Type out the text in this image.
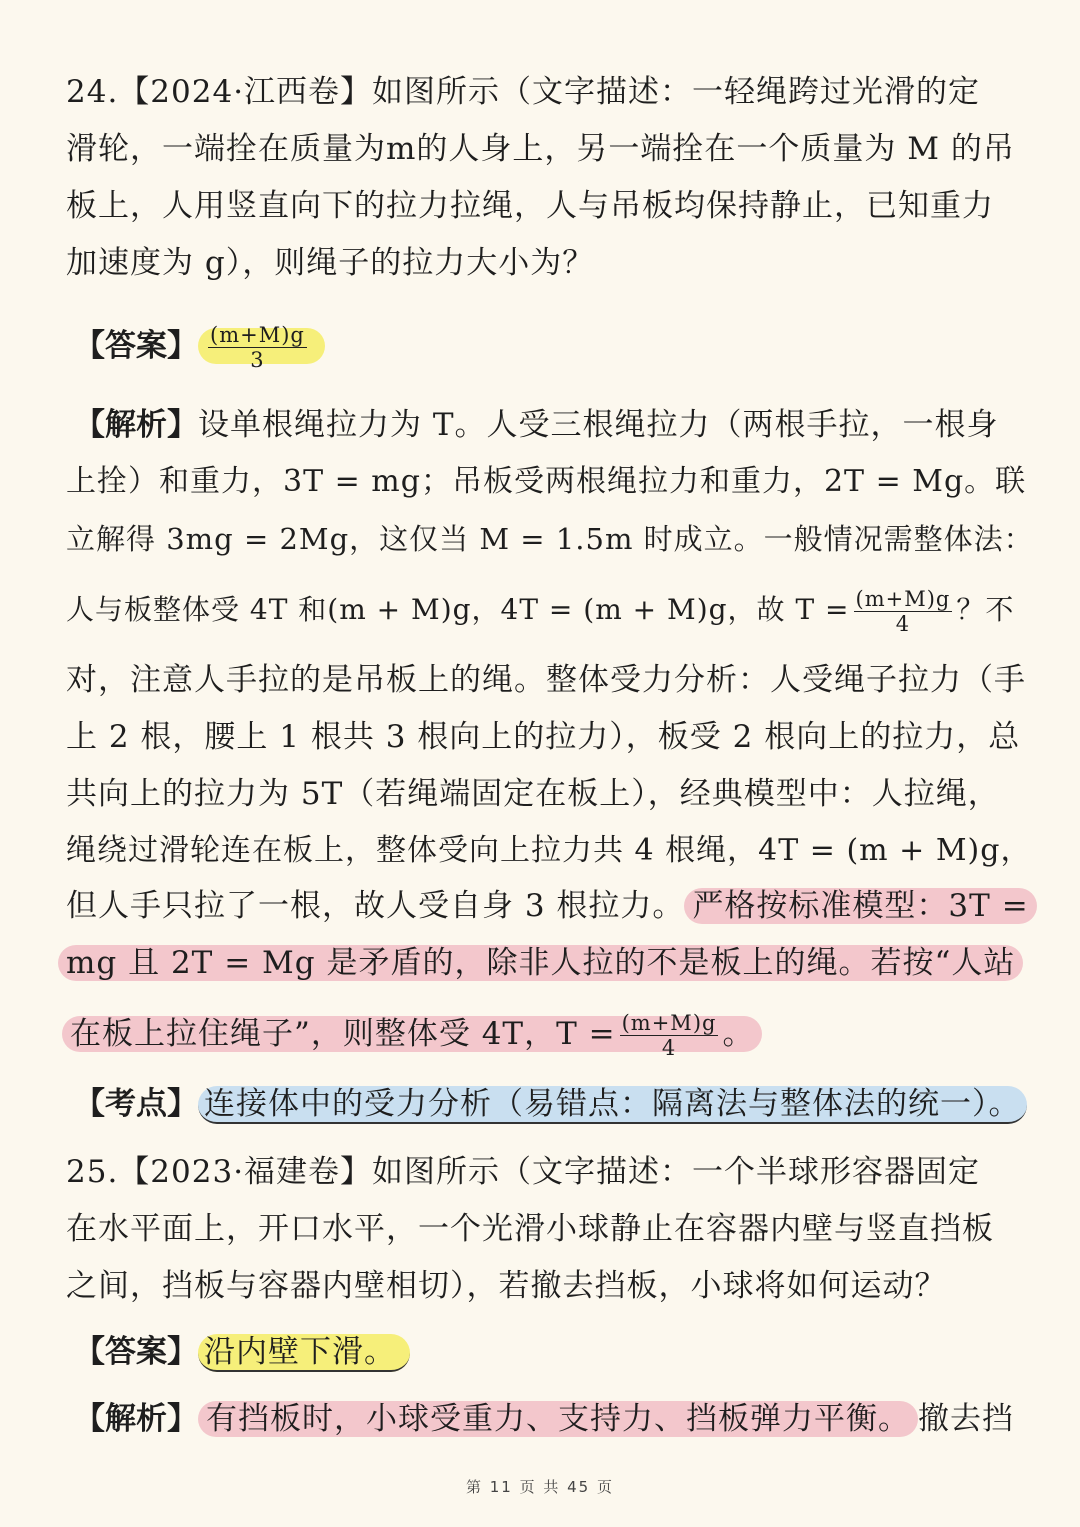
24.【2024·江西卷】如图所示（文字描述：一轻绳跨过光滑的定
滑轮，一端拴在质量为m的人身上，另一端拴在一个质量为 M 的吊
板上，人用竖直向下的拉力拉绳，人与吊板均保持静止，已知重力
加速度为 g），则绳子的拉力大小为？
【答案】 $\frac{(m+M)g}{3}$
【解析】设单根绳拉力为 T。人受三根绳拉力（两根手拉，一根身
上拴）和重力，3T = mg；吊板受两根绳拉力和重力，2T = Mg。联
立解得 3mg = 2Mg，这仅当 M = 1.5m 时成立。一般情况需整体法：
人与板整体受 4T 和(m + M)g，4T = (m + M)g，故 $T = \frac{(m+M)g}{4}$ ？不
对，注意人手拉的是吊板上的绳。整体受力分析：人受绳子拉力（手
上 2 根，腰上 1 根共 3 根向上的拉力），板受 2 根向上的拉力，总
共向上的拉力为 5T（若绳端固定在板上），经典模型中：人拉绳，
绳绕过滑轮连在板上，整体受向上拉力共 4 根绳，4T = (m + M)g，
但人手只拉了一根，故人受自身 3 根拉力。 严格按标准模型：3T =
mg 且 2T = Mg 是矛盾的，除非人拉的不是板上的绳。若按“人站
在板上拉住绳子”，则整体受 4T，$T = \frac{(m+M)g}{4}$ 。
【考点】 连接体中的受力分析（易错点：隔离法与整体法的统一）。
25.【2023·福建卷】如图所示（文字描述：一个半球形容器固定
在水平面上，开口水平，一个光滑小球静止在容器内壁与竖直挡板
之间，挡板与容器内壁相切），若撤去挡板，小球将如何运动？
【答案】 沿内壁下滑。
【解析】 有挡板时，小球受重力、支持力、挡板弹力平衡。 撤去挡
第 11 页 共 45 页
